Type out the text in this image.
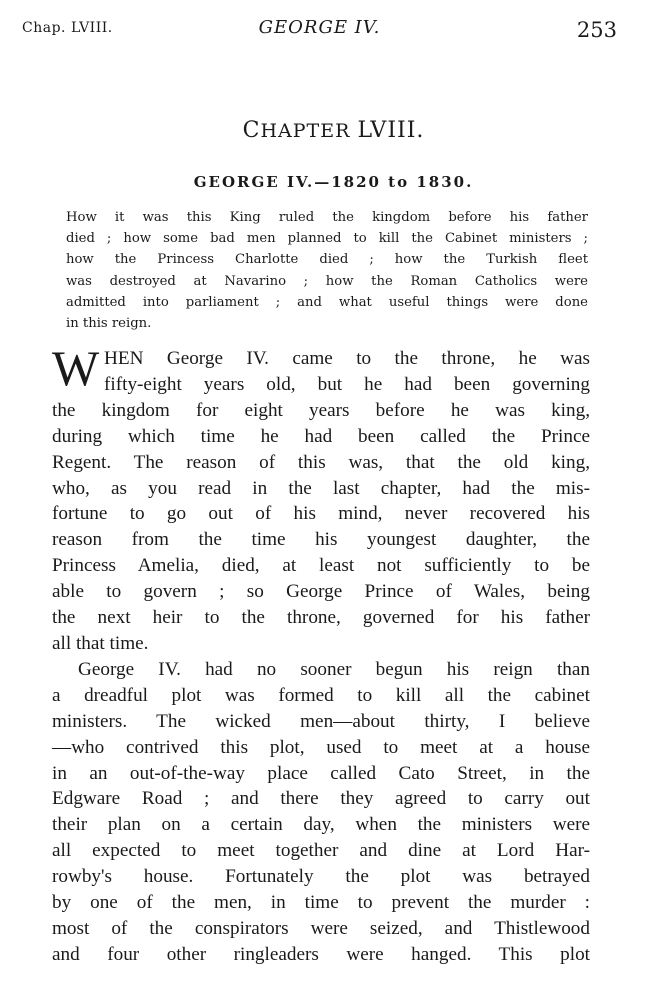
Chap. LVIII.	GEORGE IV.	253
CHAPTER LVIII.
GEORGE IV.—1820 to 1830.
How it was this King ruled the kingdom before his father
died ; how some bad men planned to kill the Cabinet ministers ;
how the Princess Charlotte died ; how the Turkish fleet
was destroyed at Navarino ; how the Roman Catholics were
admitted into parliament ; and what useful things were done
in this reign.
W HEN George IV. came to the throne, he was
fifty-eight years old, but he had been governing
the kingdom for eight years before he was king,
during which time he had been called the Prince
Regent. The reason of this was, that the old king,
who, as you read in the last chapter, had the mis-
fortune to go out of his mind, never recovered his
reason from the time his youngest daughter, the
Princess Amelia, died, at least not sufficiently to be
able to govern ; so George Prince of Wales, being
the next heir to the throne, governed for his father
all that time.
George IV. had no sooner begun his reign than
a dreadful plot was formed to kill all the cabinet
ministers. The wicked men—about thirty, I believe
—who contrived this plot, used to meet at a house
in an out-of-the-way place called Cato Street, in the
Edgware Road ; and there they agreed to carry out
their plan on a certain day, when the ministers were
all expected to meet together and dine at Lord Har-
rowby's house. Fortunately the plot was betrayed
by one of the men, in time to prevent the murder :
most of the conspirators were seized, and Thistlewood
and four other ringleaders were hanged. This plot
